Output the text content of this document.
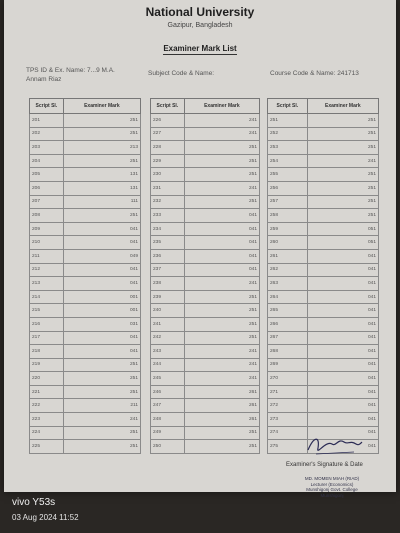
National University
Gazipur, Bangladesh
Examiner Mark List
TPS ID & Ex. Name: 7...9 M.A.
Annam Riaz
Subject Code & Name:	Course Code & Name: 241713
Script Sl.	Examiner Mark
201	251
202	251
203	213
204	251
205	131
206	131
207	111
208	251
209	041
210	041
211	049
212	041
213	041
214	001
215	001
216	031
217	041
218	041
219	251
220	251
221	251
222	211
223	241
224	251
225	251
Script Sl.	Examiner Mark
226	241
227	241
228	251
229	251
230	251
231	241
232	251
233	041
234	041
235	041
236	041
237	041
238	241
239	251
240	251
241	251
242	251
243	241
244	241
245	241
246	261
247	261
248	261
249	251
250	251
Script Sl.	Examiner Mark
251	251
252	251
253	251
254	241
255	251
256	251
257	251
258	251
259	051
260	051
261	041
262	041
263	041
264	041
265	041
266	041
267	041
268	041
269	041
270	041
271	041
272	041
273	041
274	041
275	041
Examiner's Signature & Date
MD. MOMEN MIAH (RIAD)
Lecturer (Economics)
Munshigonj Govt. College
Munshigonj
vivo Y53s
03 Aug 2024 11:52
